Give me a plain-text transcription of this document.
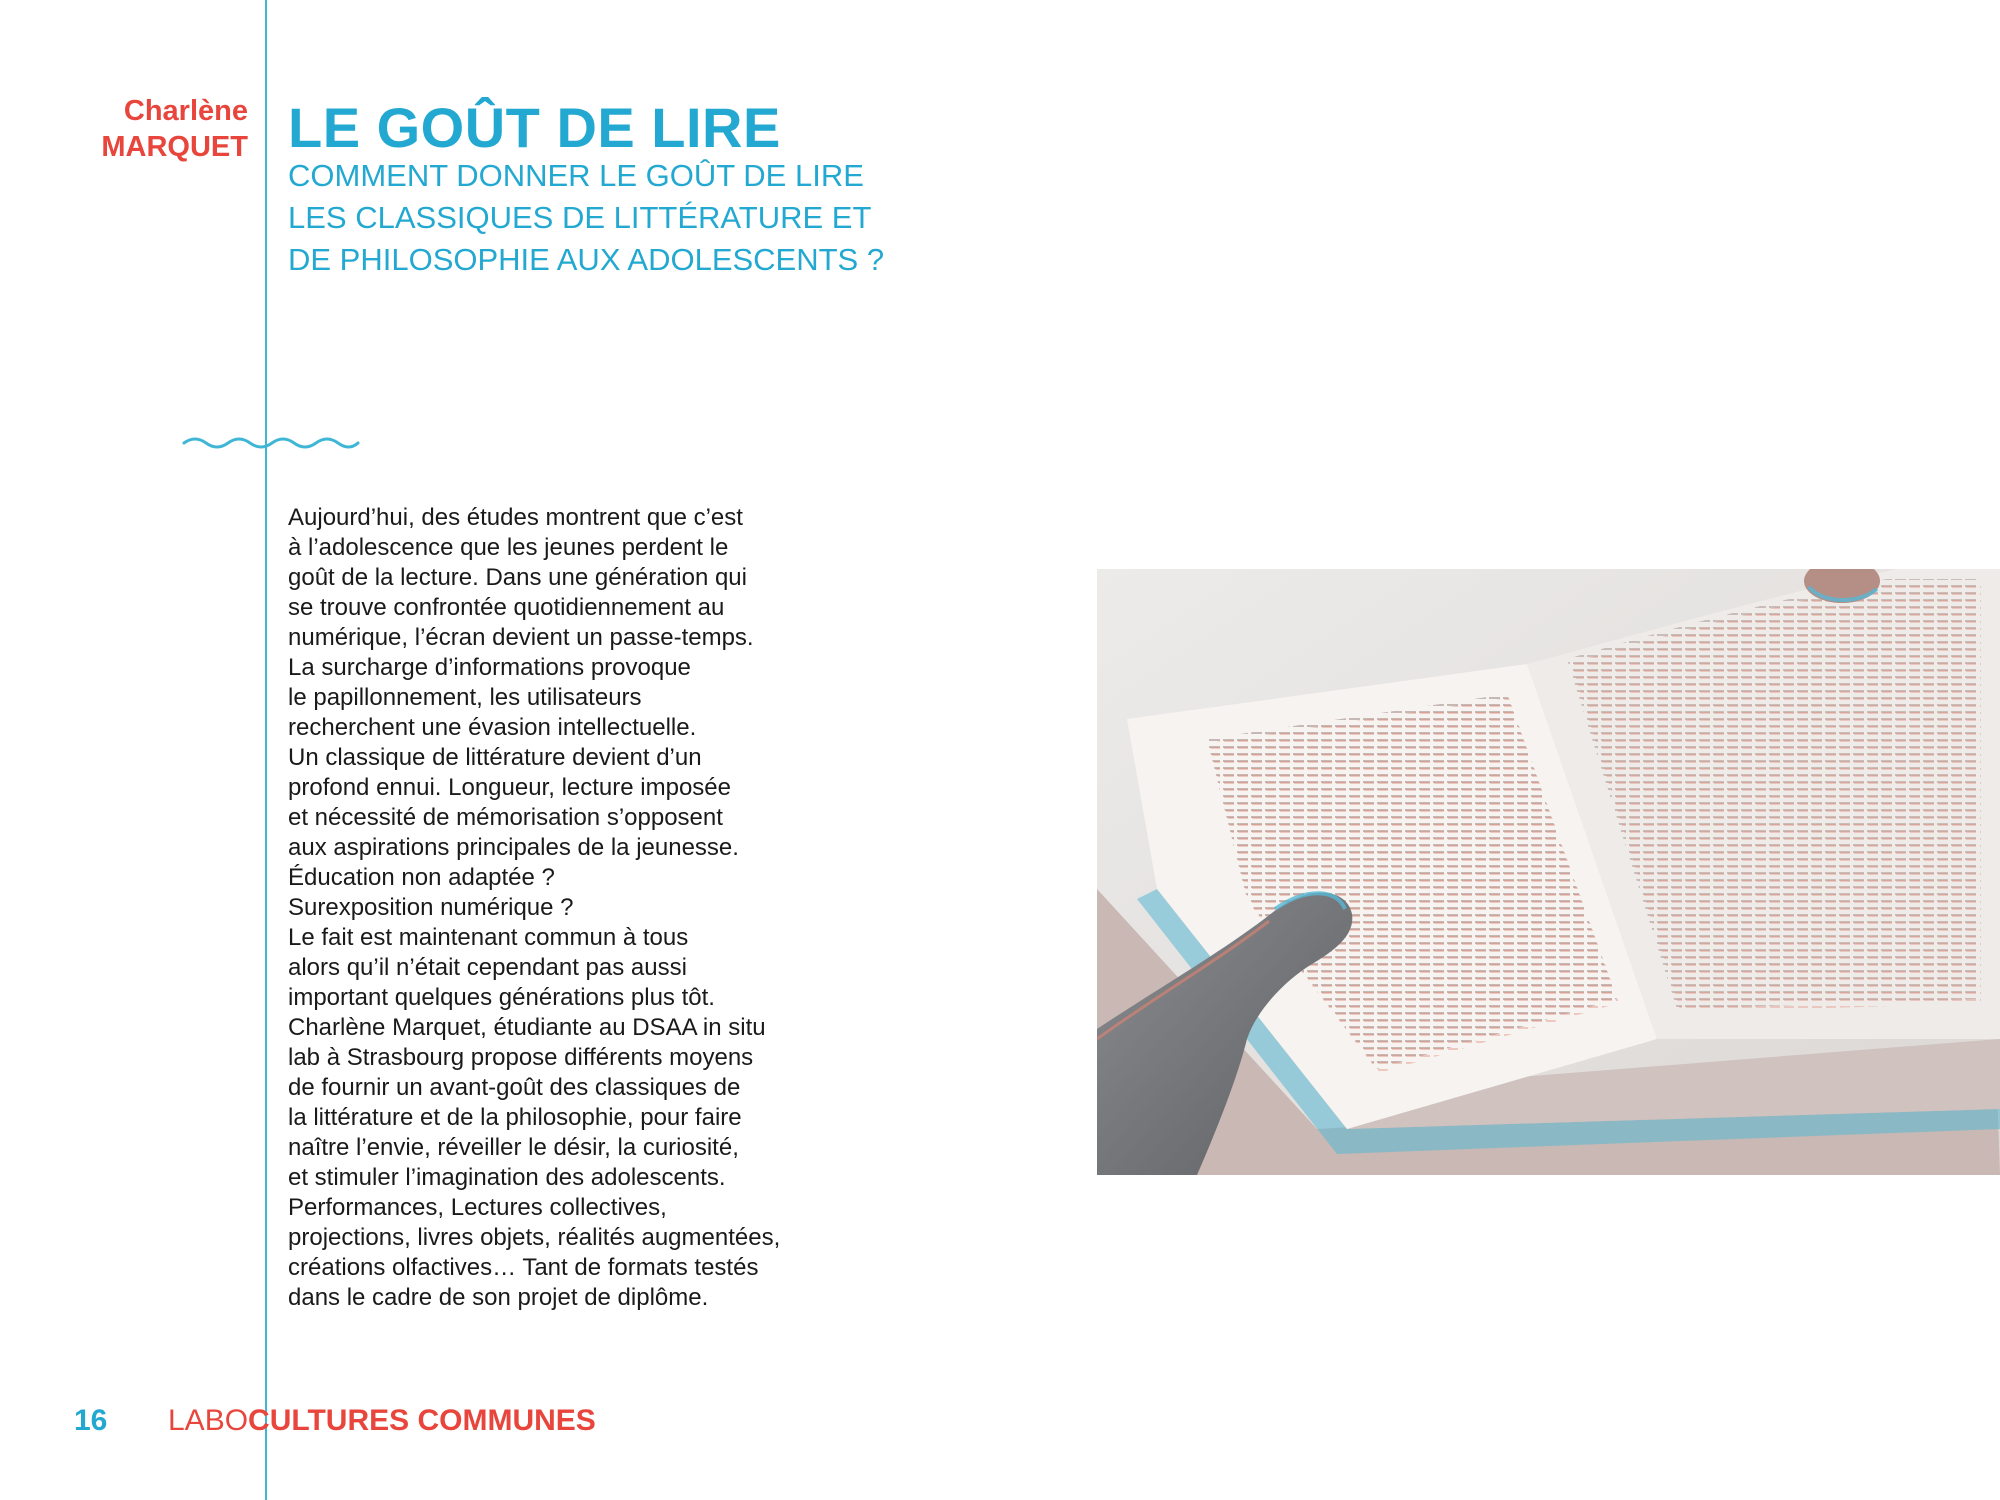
Charlène
MARQUET LE GOÛT DE LIRE
COMMENT DONNER LE GOÛT DE LIRE
LES CLASSIQUES DE LITTÉRATURE ET
DE PHILOSOPHIE AUX ADOLESCENTS ?
Aujourd’hui, des études montrent que c’est
à l’adolescence que les jeunes perdent le
goût de la lecture. Dans une génération qui
se trouve confrontée quotidiennement au
numérique, l’écran devient un passe-temps.
La surcharge d’informations provoque
le papillonnement, les utilisateurs
recherchent une évasion intellectuelle.
Un classique de littérature devient d’un
profond ennui. Longueur, lecture imposée
et nécessité de mémorisation s’opposent
aux aspirations principales de la jeunesse.
Éducation non adaptée ?
Surexposition numérique ?
Le fait est maintenant commun à tous
alors qu’il n’était cependant pas aussi
important quelques générations plus tôt.
Charlène Marquet, étudiante au DSAA in situ
lab à Strasbourg propose différents moyens
de fournir un avant-goût des classiques de
la littérature et de la philosophie, pour faire
naître l’envie, réveiller le désir, la curiosité,
et stimuler l’imagination des adolescents.
Performances, Lectures collectives,
projections, livres objets, réalités augmentées,
créations olfactives… Tant de formats testés
dans le cadre de son projet de diplôme.
16 LABOCULTURES COMMUNES
